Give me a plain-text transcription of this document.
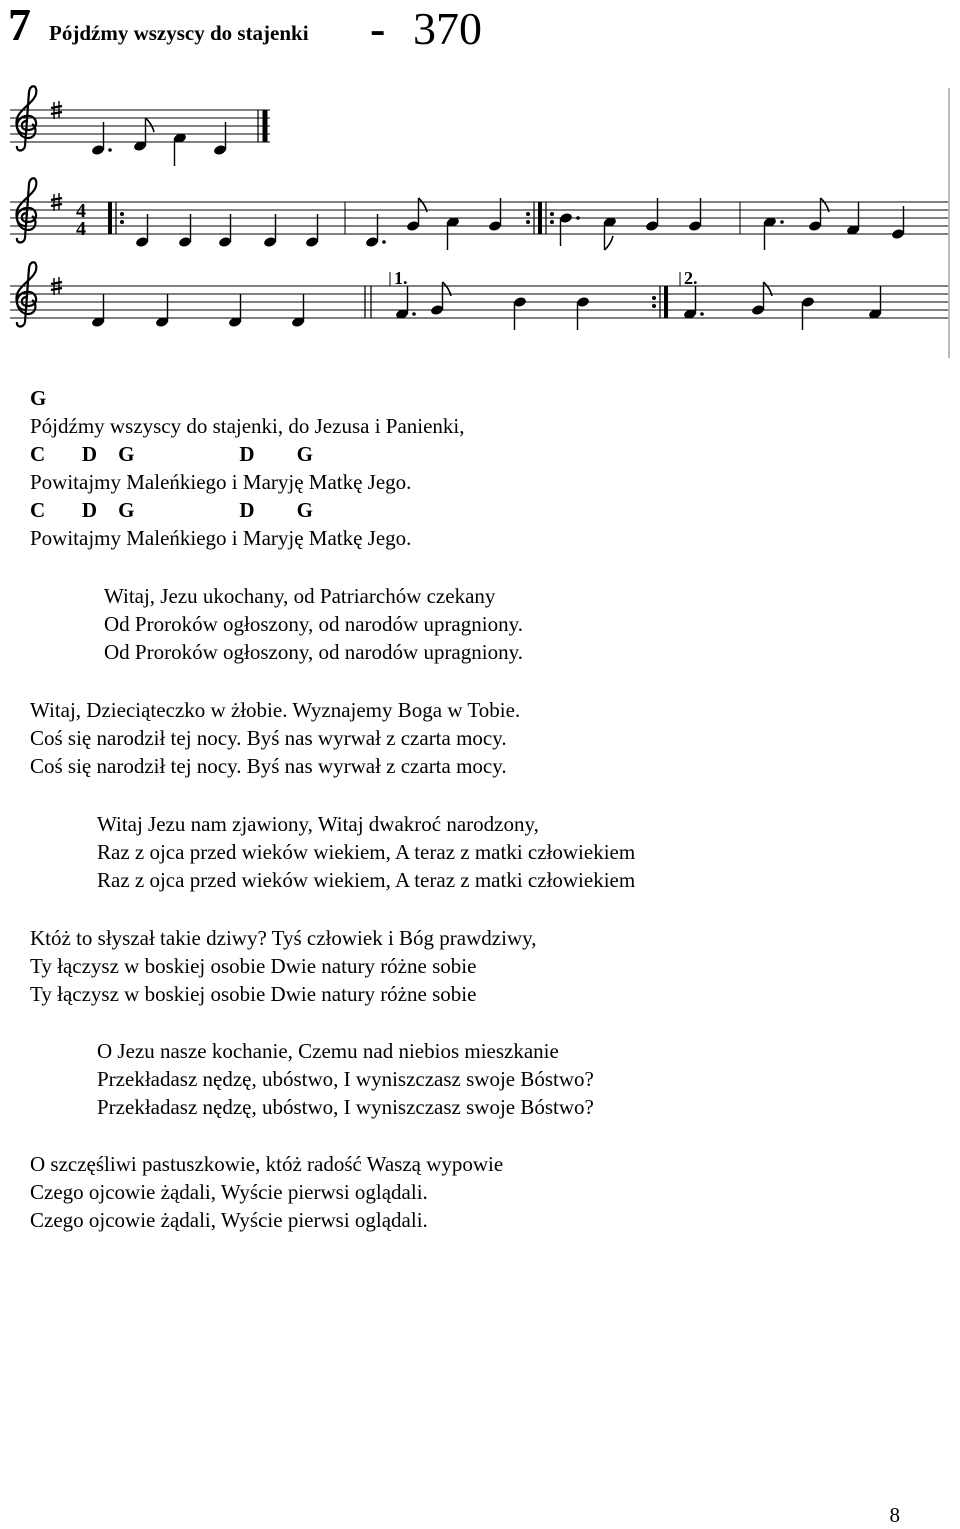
7 Pójdźmy wszyscy do stajenki - 370
4
4
1.	2.
G
Pójdźmy wszyscy do stajenki, do Jezusa i Panienki,
C       D    G                    D        G
Powitajmy Maleńkiego i Maryję Matkę Jego.
C       D    G                    D        G
Powitajmy Maleńkiego i Maryję Matkę Jego.
Witaj, Jezu ukochany, od Patriarchów czekany
Od Proroków ogłoszony, od narodów upragniony.
Od Proroków ogłoszony, od narodów upragniony.
Witaj, Dzieciąteczko w żłobie. Wyznajemy Boga w Tobie.
Coś się narodził tej nocy. Byś nas wyrwał z czarta mocy.
Coś się narodził tej nocy. Byś nas wyrwał z czarta mocy.
Witaj Jezu nam zjawiony, Witaj dwakroć narodzony,
Raz z ojca przed wieków wiekiem, A teraz z matki człowiekiem
Raz z ojca przed wieków wiekiem, A teraz z matki człowiekiem
Któż to słyszał takie dziwy? Tyś człowiek i Bóg prawdziwy,
Ty łączysz w boskiej osobie Dwie natury różne sobie
Ty łączysz w boskiej osobie Dwie natury różne sobie
O Jezu nasze kochanie, Czemu nad niebios mieszkanie
Przekładasz nędzę, ubóstwo, I wyniszczasz swoje Bóstwo?
Przekładasz nędzę, ubóstwo, I wyniszczasz swoje Bóstwo?
O szczęśliwi pastuszkowie, któż radość Waszą wypowie
Czego ojcowie żądali, Wyście pierwsi oglądali.
Czego ojcowie żądali, Wyście pierwsi oglądali.
8
